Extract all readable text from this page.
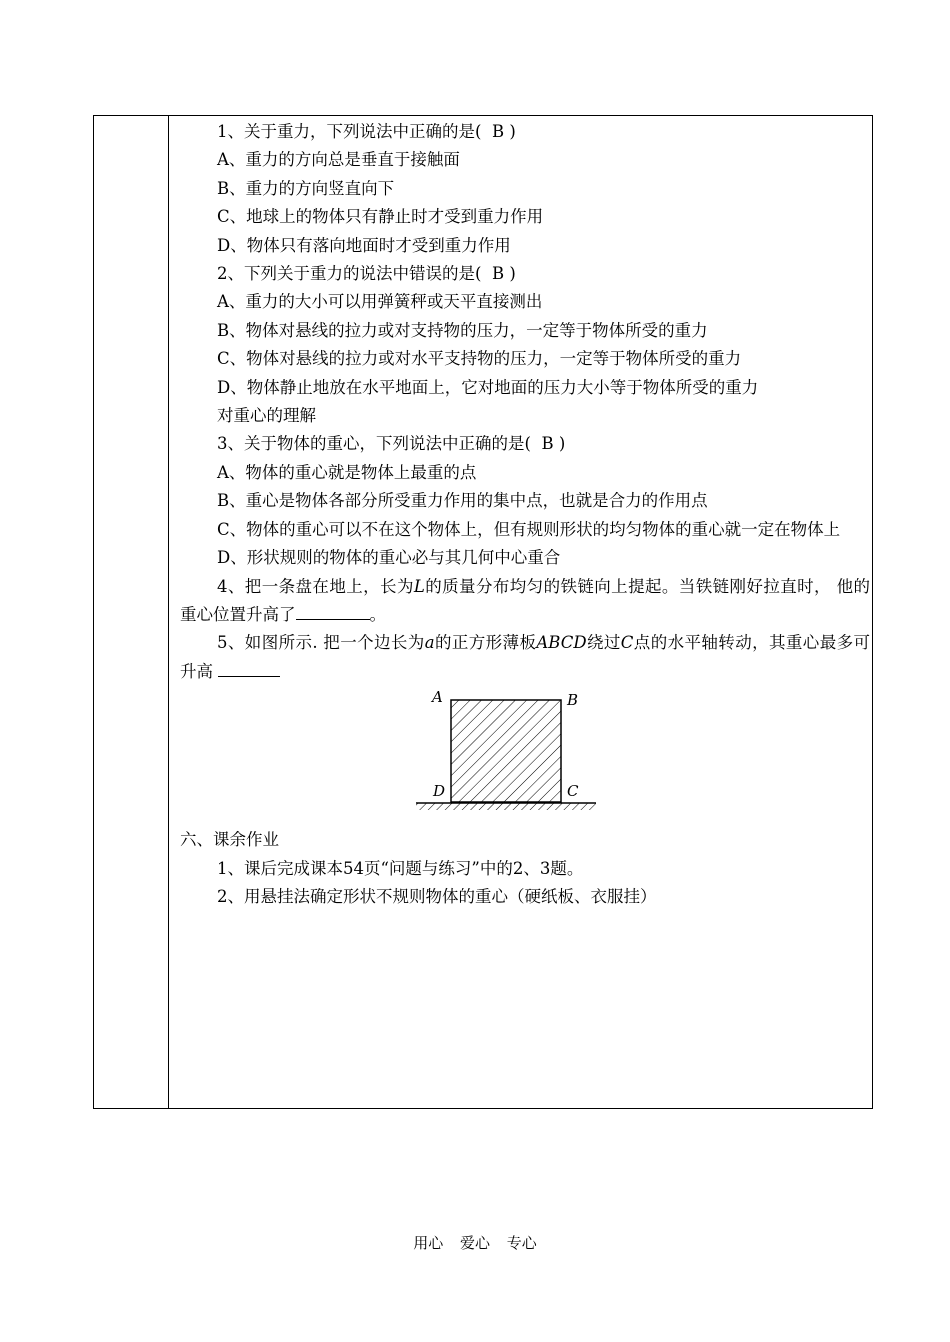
1、关于重力，下列说法中正确的是( B )
A、重力的方向总是垂直于接触面
B、重力的方向竖直向下
C、地球上的物体只有静止时才受到重力作用
D、物体只有落向地面时才受到重力作用
2、下列关于重力的说法中错误的是( B )
A、重力的大小可以用弹簧秤或天平直接测出
B、物体对悬线的拉力或对支持物的压力，一定等于物体所受的重力
C、物体对悬线的拉力或对水平支持物的压力，一定等于物体所受的重力
D、物体静止地放在水平地面上，它对地面的压力大小等于物体所受的重力
对重心的理解
3、关于物体的重心，下列说法中正确的是( B )
A、物体的重心就是物体上最重的点
B、重心是物体各部分所受重力作用的集中点，也就是合力的作用点
C、物体的重心可以不在这个物体上，但有规则形状的均匀物体的重心就一定在物体上
D、形状规则的物体的重心必与其几何中心重合
4、把一条盘在地上，长为L的质量分布均匀的铁链向上提起。当铁链刚好拉直时， 他的重心位置升高了	。
5、如图所示. 把一个边长为a的正方形薄板ABCD绕过C点的水平轴转动，其重心最多可升高
A	B
C
D
六、课余作业
1、课后完成课本54页“问题与练习”中的2、3题。
2、用悬挂法确定形状不规则物体的重心（硬纸板、衣服挂）
用心 爱心 专心
